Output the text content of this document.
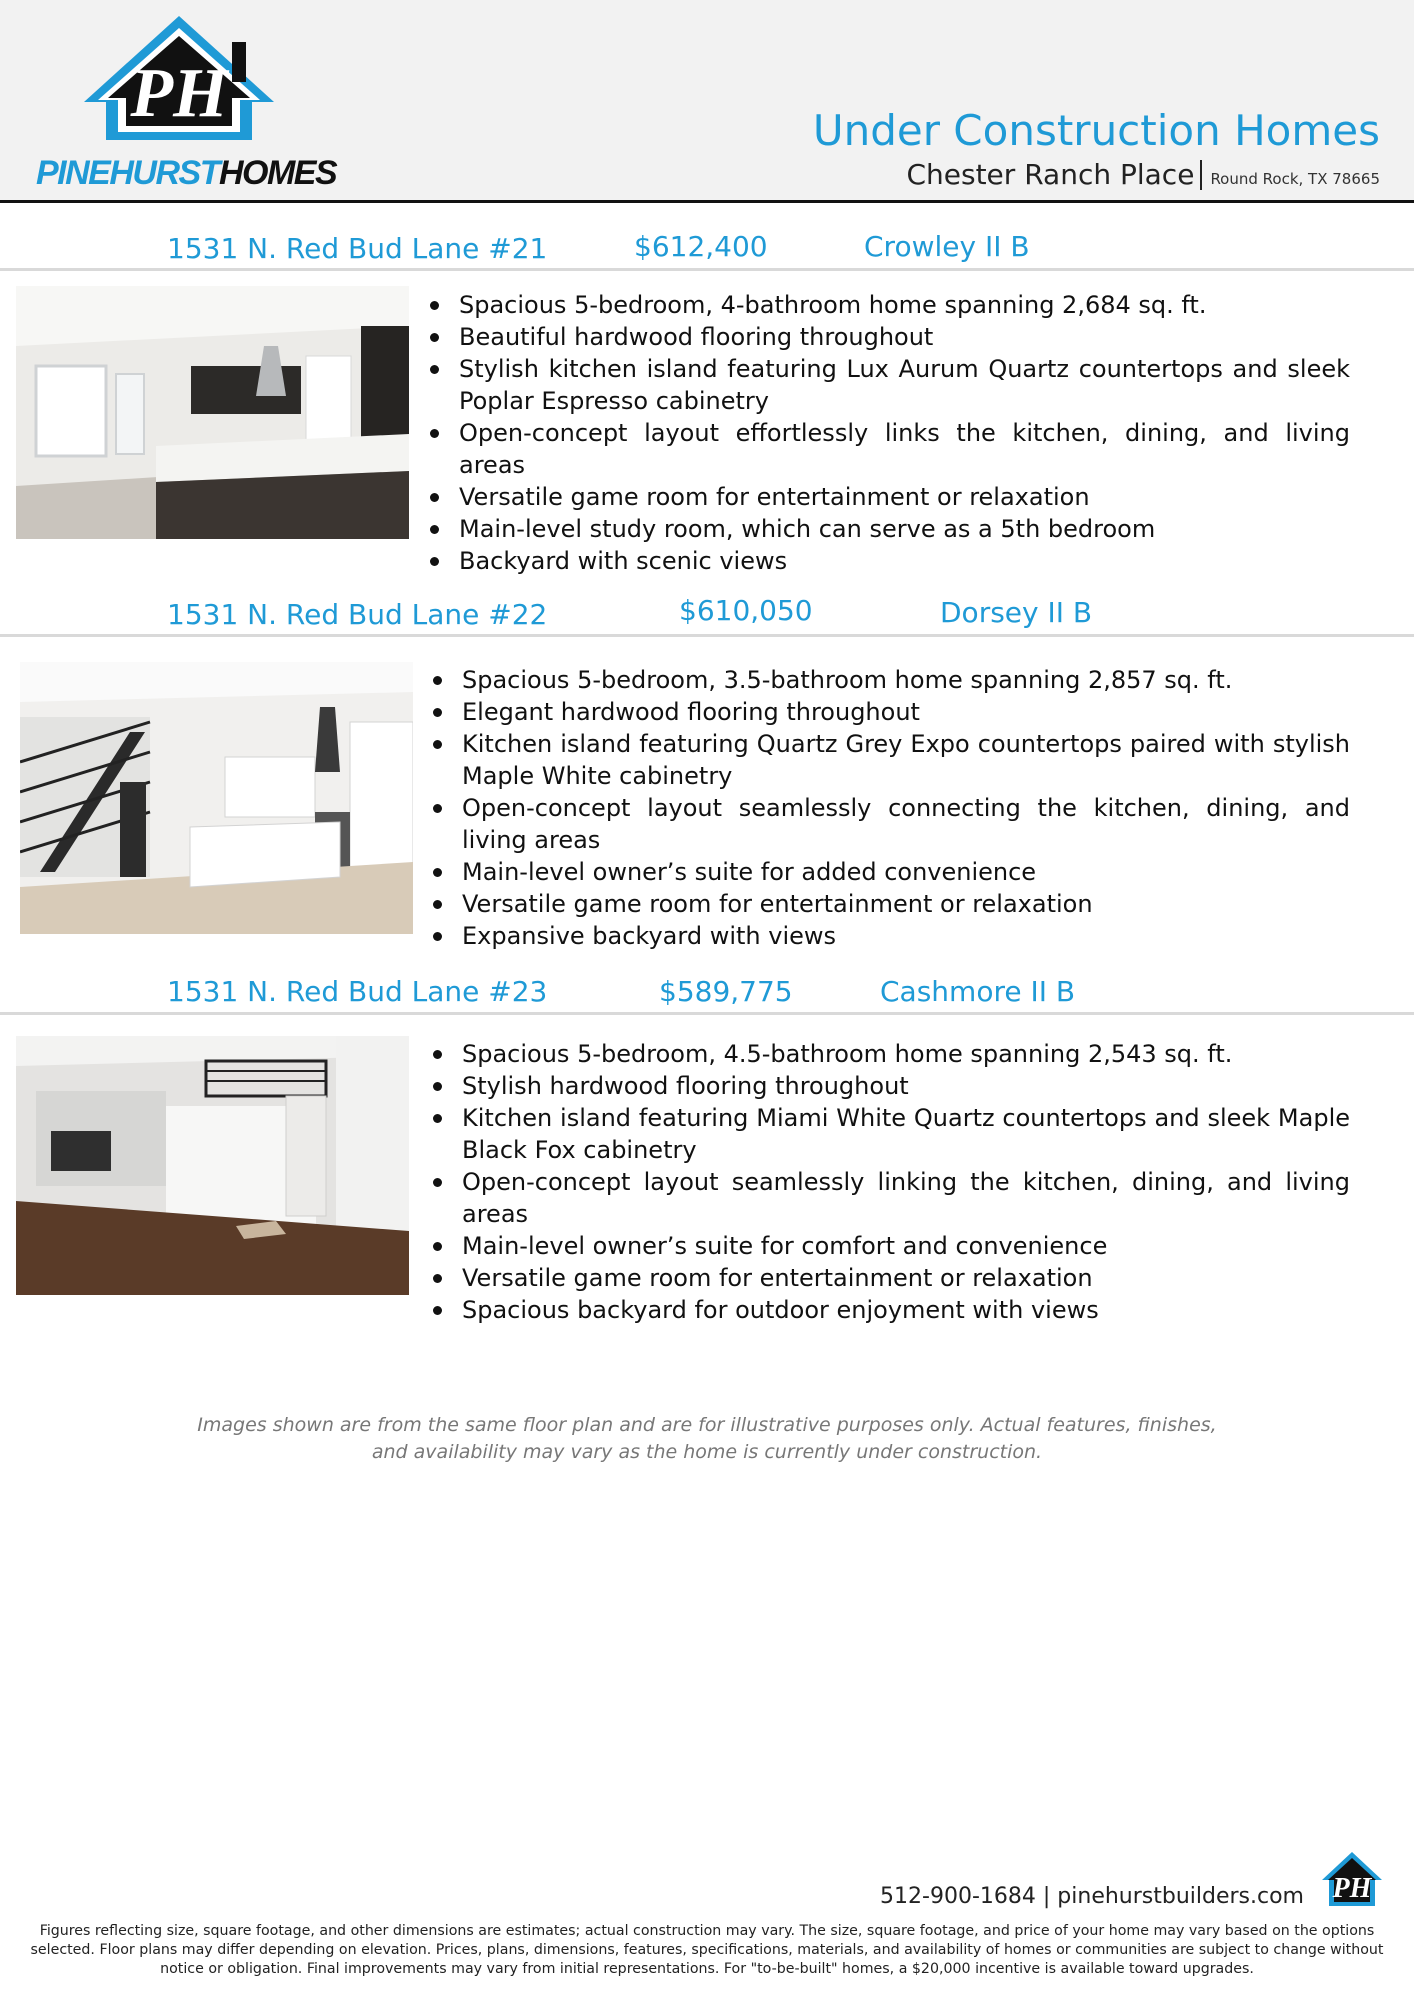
PH
PINEHURSTHOMES
Under Construction Homes
Chester Ranch Place Round Rock, TX 78665
1531 N. Red Bud Lane #21	$612,400	Crowley II B
Spacious 5-bedroom, 4-bathroom home spanning 2,684 sq. ft.
Beautiful hardwood flooring throughout
Stylish kitchen island featuring Lux Aurum Quartz countertops and sleek Poplar Espresso cabinetry
Open-concept layout effortlessly links the kitchen, dining, and living areas
Versatile game room for entertainment or relaxation
Main-level study room, which can serve as a 5th bedroom
Backyard with scenic views
1531 N. Red Bud Lane #22	$610,050	Dorsey II B
Spacious 5-bedroom, 3.5-bathroom home spanning 2,857 sq. ft.
Elegant hardwood flooring throughout
Kitchen island featuring Quartz Grey Expo countertops paired with stylish Maple White cabinetry
Open-concept layout seamlessly connecting the kitchen, dining, and living areas
Main-level owner’s suite for added convenience
Versatile game room for entertainment or relaxation
Expansive backyard with views
1531 N. Red Bud Lane #23	$589,775	Cashmore II B
Spacious 5-bedroom, 4.5-bathroom home spanning 2,543 sq. ft.
Stylish hardwood flooring throughout
Kitchen island featuring Miami White Quartz countertops and sleek Maple Black Fox cabinetry
Open-concept layout seamlessly linking the kitchen, dining, and living areas
Main-level owner’s suite for comfort and convenience
Versatile game room for entertainment or relaxation
Spacious backyard for outdoor enjoyment with views
Images shown are from the same floor plan and are for illustrative purposes only. Actual features, finishes, and availability may vary as the home is currently under construction.
512-900-1684 | pinehurstbuilders.com PH
Figures reflecting size, square footage, and other dimensions are estimates; actual construction may vary. The size, square footage, and price of your home may vary based on the options selected. Floor plans may differ depending on elevation. Prices, plans, dimensions, features, specifications, materials, and availability of homes or communities are subject to change without notice or obligation. Final improvements may vary from initial representations. For "to-be-built" homes, a $20,000 incentive is available toward upgrades.
